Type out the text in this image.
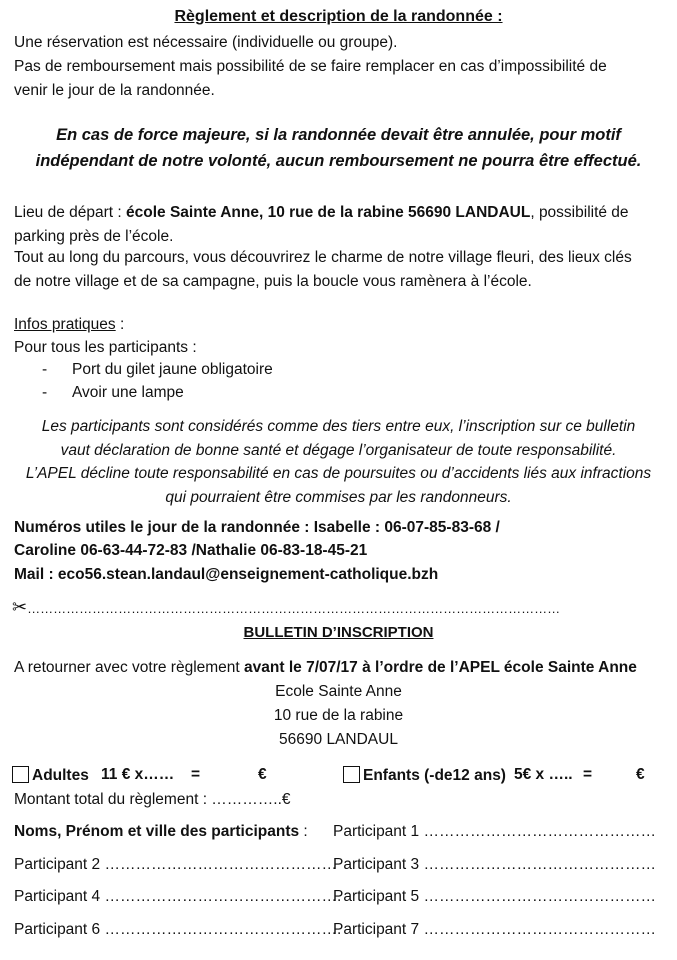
Règlement et description de la randonnée :
Une réservation est nécessaire (individuelle ou groupe).
Pas de remboursement mais possibilité de se faire remplacer en cas d’impossibilité de
venir le jour de la randonnée.
En cas de force majeure, si la randonnée devait être annulée, pour motif
indépendant de notre volonté, aucun remboursement ne pourra être effectué.
Lieu de départ : école Sainte Anne, 10 rue de la rabine 56690 LANDAUL, possibilité de
parking près de l’école.
Tout au long du parcours, vous découvrirez le charme de notre village fleuri, des lieux clés
de notre village et de sa campagne, puis la boucle vous ramènera à l’école.
Infos pratiques :
Pour tous les participants :
- Port du gilet jaune obligatoire
- Avoir une lampe
Les participants sont considérés comme des tiers entre eux, l’inscription sur ce bulletin
vaut déclaration de bonne santé et dégage l’organisateur de toute responsabilité.
L’APEL décline toute responsabilité en cas de poursuites ou d’accidents liés aux infractions
qui pourraient être commises par les randonneurs.
Numéros utiles le jour de la randonnée : Isabelle : 06-07-85-83-68 /
Caroline 06-63-44-72-83 /Nathalie 06-83-18-45-21
Mail : eco56.stean.landaul@enseignement-catholique.bzh
✂……………………………………………………………………………………………………………
BULLETIN D’INSCRIPTION
A retourner avec votre règlement avant le 7/07/17 à l’ordre de l’APEL école Sainte Anne
Ecole Sainte Anne
10 rue de la rabine
56690 LANDAUL
Adultes 11 € x…… =	€	Enfants (-de12 ans) 5€ x ….. =	€
Montant total du règlement : …………..€
Noms, Prénom et ville des participants : Participant 1 ………………………………………
Participant 2 ………………………………………
Participant 3 ………………………………………
Participant 4 ……………………………………….
Participant 5 ………………………………………
Participant 6 ……………………………………….
Participant 7 ………………………………………
